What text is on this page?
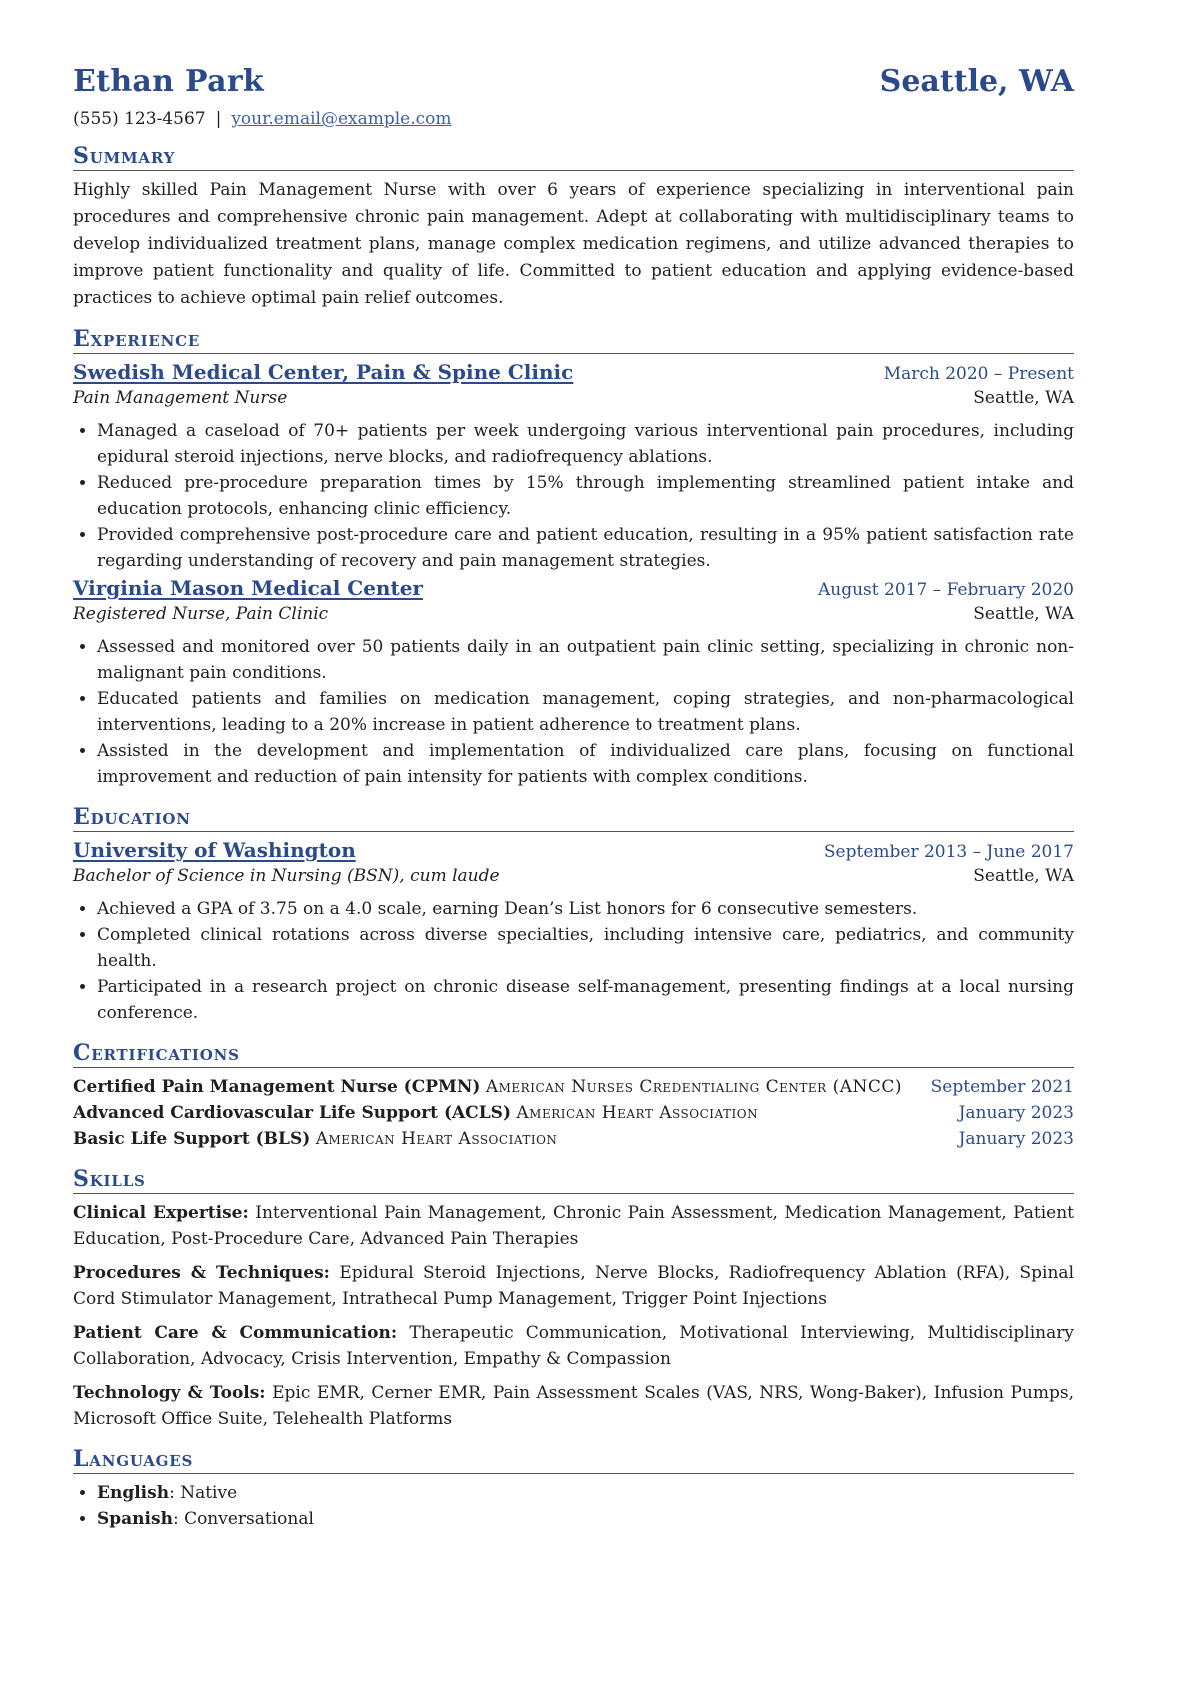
Ethan Park	Seattle, WA
(555) 123-4567 | your.email@example.com
Summary

Highly skilled Pain Management Nurse with over 6 years of experience specializing in interventional pain procedures and comprehensive chronic pain management. Adept at collaborating with multidisciplinary teams to develop individualized treatment plans, manage complex medication regimens, and utilize advanced therapies to improve patient functionality and quality of life. Committed to patient education and applying evidence-based practices to achieve optimal pain relief outcomes.

Experience
Swedish Medical Center, Pain & Spine Clinic	March 2020 – Present
Pain Management Nurse	Seattle, WA
• Managed a caseload of 70+ patients per week undergoing various interventional pain procedures, including epidural steroid injections, nerve blocks, and radiofrequency ablations.
• Reduced pre-procedure preparation times by 15% through implementing streamlined patient intake and education protocols, enhancing clinic efficiency.
• Provided comprehensive post-procedure care and patient education, resulting in a 95% patient satisfaction rate regarding understanding of recovery and pain management strategies.
Virginia Mason Medical Center	August 2017 – February 2020
Registered Nurse, Pain Clinic	Seattle, WA
• Assessed and monitored over 50 patients daily in an outpatient pain clinic setting, specializing in chronic non-malignant pain conditions.
• Educated patients and families on medication management, coping strategies, and non-pharmacological interventions, leading to a 20% increase in patient adherence to treatment plans.
• Assisted in the development and implementation of individualized care plans, focusing on functional improvement and reduction of pain intensity for patients with complex conditions.
Education
University of Washington	September 2013 – June 2017
Bachelor of Science in Nursing (BSN), cum laude	Seattle, WA
• Achieved a GPA of 3.75 on a 4.0 scale, earning Dean’s List honors for 6 consecutive semesters.
• Completed clinical rotations across diverse specialties, including intensive care, pediatrics, and community health.
• Participated in a research project on chronic disease self-management, presenting findings at a local nursing conference.
Certifications
Certified Pain Management Nurse (CPMN) American Nurses Credentialing Center (ANCC)	September 2021
Advanced Cardiovascular Life Support (ACLS) American Heart Association	January 2023
Basic Life Support (BLS) American Heart Association	January 2023
Skills

Clinical Expertise: Interventional Pain Management, Chronic Pain Assessment, Medication Management, Patient Education, Post-Procedure Care, Advanced Pain Therapies

Procedures & Techniques: Epidural Steroid Injections, Nerve Blocks, Radiofrequency Ablation (RFA), Spinal Cord Stimulator Management, Intrathecal Pump Management, Trigger Point Injections

Patient Care & Communication: Therapeutic Communication, Motivational Interviewing, Multidisciplinary Collaboration, Advocacy, Crisis Intervention, Empathy & Compassion

Technology & Tools: Epic EMR, Cerner EMR, Pain Assessment Scales (VAS, NRS, Wong-Baker), Infusion Pumps, Microsoft Office Suite, Telehealth Platforms

Languages
• English: Native
• Spanish: Conversational
